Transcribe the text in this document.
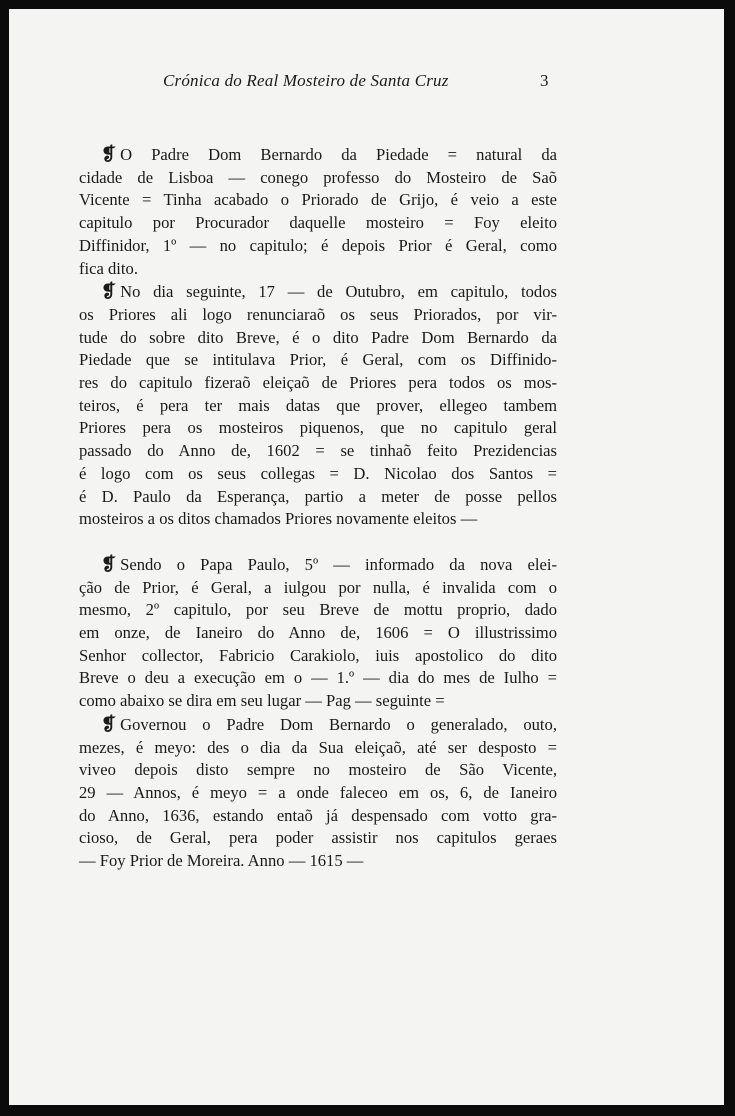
Crónica do Real Mosteiro de Santa Cruz	3

❡ O Padre Dom Bernardo da Piedade = natural da
cidade de Lisboa — conego professo do Mosteiro de Saõ
Vicente = Tinha acabado o Priorado de Grijo, é veio a este
capitulo por Procurador daquelle mosteiro = Foy eleito
Diffinidor, 1º — no capitulo; é depois Prior é Geral, como
fica dito.

❡ No dia seguinte, 17 — de Outubro, em capitulo, todos
os Priores ali logo renunciaraõ os seus Priorados, por vir-
tude do sobre dito Breve, é o dito Padre Dom Bernardo da
Piedade que se intitulava Prior, é Geral, com os Diffinido-
res do capitulo fizeraõ eleiçaõ de Priores pera todos os mos-
teiros, é pera ter mais datas que prover, ellegeo tambem
Priores pera os mosteiros piquenos, que no capitulo geral
passado do Anno de, 1602 = se tinhaõ feito Prezidencias
é logo com os seus collegas = D. Nicolao dos Santos =
é D. Paulo da Esperança, partio a meter de posse pellos
mosteiros a os ditos chamados Priores novamente eleitos —

❡ Sendo o Papa Paulo, 5º — informado da nova elei-
ção de Prior, é Geral, a iulgou por nulla, é invalida com o
mesmo, 2º capitulo, por seu Breve de mottu proprio, dado
em onze, de Ianeiro do Anno de, 1606 = O illustrissimo
Senhor collector, Fabricio Carakiolo, iuis apostolico do dito
Breve o deu a execução em o — 1.º — dia do mes de Iulho =
como abaixo se dira em seu lugar — Pag — seguinte =

❡ Governou o Padre Dom Bernardo o generalado, outo,
mezes, é meyo: des o dia da Sua eleiçaõ, até ser desposto =
viveo depois disto sempre no mosteiro de São Vicente,
29 — Annos, é meyo = a onde faleceo em os, 6, de Ianeiro
do Anno, 1636, estando entaõ já despensado com votto gra-
cioso, de Geral, pera poder assistir nos capitulos geraes
— Foy Prior de Moreira. Anno — 1615 —
